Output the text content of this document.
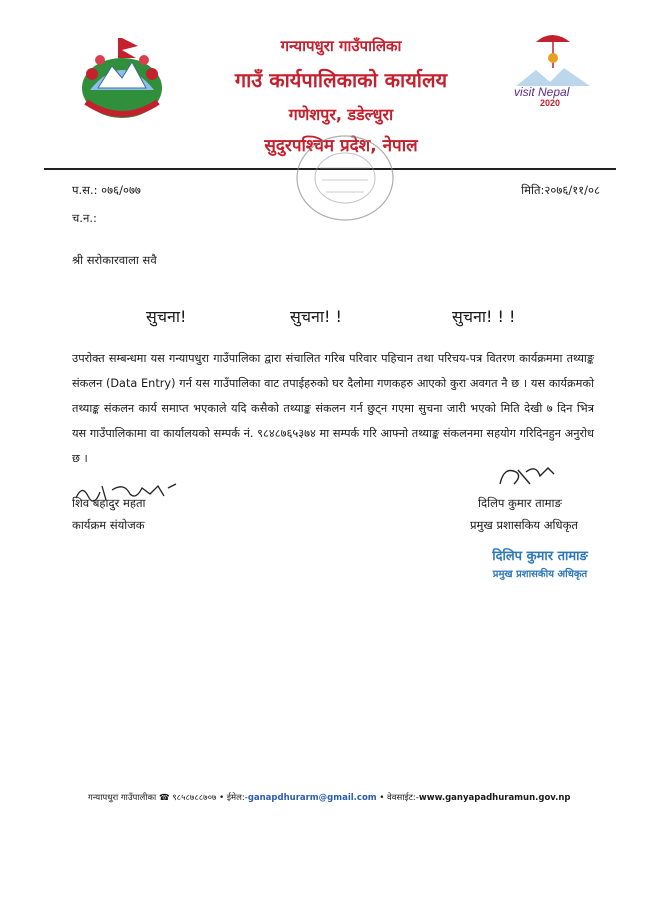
visit Nepal
2020
गन्यापधुरा गाउँपालिका
गाउँ कार्यपालिकाको कार्यालय
गणेशपुर, डडेल्धुरा
सुदुरपश्चिम प्रदेश, नेपाल
प.स.: ०७६/०७७	मिति:२०७६/११/०८
च.न.:
श्री सरोकारवाला सवै
सुचना!	सुचना! !	सुचना! ! !
उपरोक्त सम्बन्धमा यस गन्यापधुरा गाउँपालिका द्वारा संचालित गरिब परिवार पहिचान तथा परिचय-पत्र वितरण कार्यक्रममा तथ्याङ्क संकलन (Data Entry) गर्न यस गाउँपालिका वाट तपाईहरुको घर दैलोमा गणकहरु आएको कुरा अवगत नै छ । यस कार्यक्रमको तथ्याङ्क संकलन कार्य समाप्त भएकाले यदि कसैको तथ्याङ्क संकलन गर्न छुट्न गएमा सुचना जारी भएको मिति देखी ७ दिन भित्र यस गाउँपालिकामा वा कार्यालयको सम्पर्क नं. ९८४८७६५३७४ मा सम्पर्क गरि आफ्नो तथ्याङ्क संकलनमा सहयोग गरिदिनहुन अनुरोध छ ।
शिव बहादुर महता
कार्यक्रम संयोजक
दिलिप कुमार तामाङ
प्रमुख प्रशासकिय अधिकृत
दिलिप कुमार तामाङ
प्रमुख प्रशासकीय अधिकृत
गन्यापधुरा गाउँपालीका ☎ ९८५८७८८७०७ • ईमेल:-ganapdhurarm@gmail.com • वेवसाईट:-www.ganyapadhuramun.gov.np
